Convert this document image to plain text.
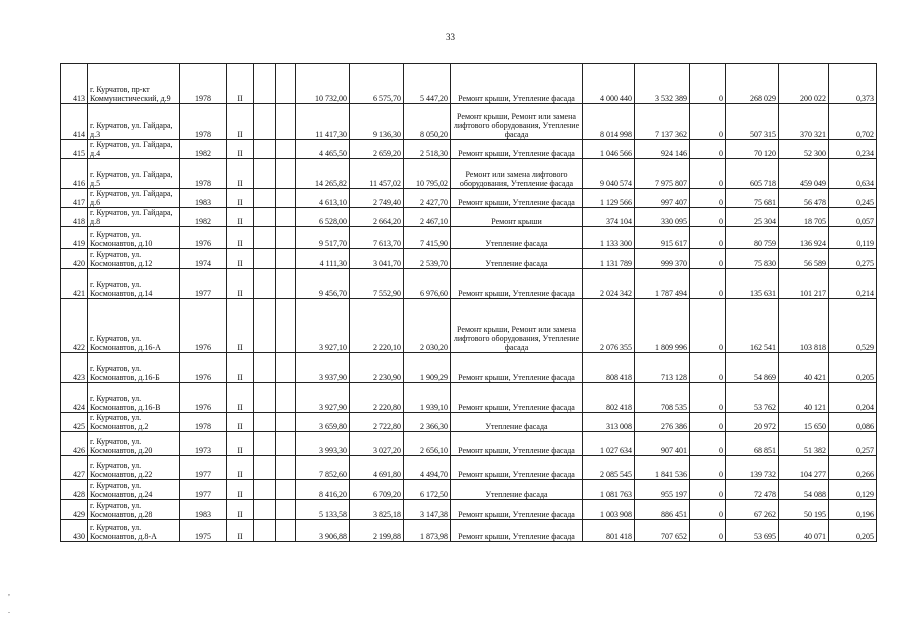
33
,
.
413	г. Курчатов, пр-кт Коммунистический, д.9	1978	II			10 732,00	6 575,70	5 447,20	Ремонт крыши, Утепление фасада	4 000 440	3 532 389	0	268 029	200 022	0,373
414	г. Курчатов, ул. Гайдара, д.3	1978	II			11 417,30	9 136,30	8 050,20	Ремонт крыши, Ремонт или замена лифтового оборудования, Утепление фасада	8 014 998	7 137 362	0	507 315	370 321	0,702
415	г. Курчатов, ул. Гайдара, д.4	1982	II			4 465,50	2 659,20	2 518,30	Ремонт крыши, Утепление фасада	1 046 566	924 146	0	70 120	52 300	0,234
416	г. Курчатов, ул. Гайдара, д.5	1978	II			14 265,82	11 457,02	10 795,02	Ремонт или замена лифтового оборудования, Утепление фасада	9 040 574	7 975 807	0	605 718	459 049	0,634
417	г. Курчатов, ул. Гайдара, д.6	1983	II			4 613,10	2 749,40	2 427,70	Ремонт крыши, Утепление фасада	1 129 566	997 407	0	75 681	56 478	0,245
418	г. Курчатов, ул. Гайдара, д.8	1982	II			6 528,00	2 664,20	2 467,10	Ремонт крыши	374 104	330 095	0	25 304	18 705	0,057
419	г. Курчатов, ул. Космонавтов, д.10	1976	II			9 517,70	7 613,70	7 415,90	Утепление фасада	1 133 300	915 617	0	80 759	136 924	0,119
420	г. Курчатов, ул. Космонавтов, д.12	1974	II			4 111,30	3 041,70	2 539,70	Утепление фасада	1 131 789	999 370	0	75 830	56 589	0,275
421	г. Курчатов, ул. Космонавтов, д.14	1977	II			9 456,70	7 552,90	6 976,60	Ремонт крыши, Утепление фасада	2 024 342	1 787 494	0	135 631	101 217	0,214
422	г. Курчатов, ул. Космонавтов, д.16-А	1976	II			3 927,10	2 220,10	2 030,20	Ремонт крыши, Ремонт или замена лифтового оборудования, Утепление фасада	2 076 355	1 809 996	0	162 541	103 818	0,529
423	г. Курчатов, ул. Космонавтов, д.16-Б	1976	II			3 937,90	2 230,90	1 909,29	Ремонт крыши, Утепление фасада	808 418	713 128	0	54 869	40 421	0,205
424	г. Курчатов, ул. Космонавтов, д.16-В	1976	II			3 927,90	2 220,80	1 939,10	Ремонт крыши, Утепление фасада	802 418	708 535	0	53 762	40 121	0,204
425	г. Курчатов, ул. Космонавтов, д.2	1978	II			3 659,80	2 722,80	2 366,30	Утепление фасада	313 008	276 386	0	20 972	15 650	0,086
426	г. Курчатов, ул. Космонавтов, д.20	1973	II			3 993,30	3 027,20	2 656,10	Ремонт крыши, Утепление фасада	1 027 634	907 401	0	68 851	51 382	0,257
427	г. Курчатов, ул. Космонавтов, д.22	1977	II			7 852,60	4 691,80	4 494,70	Ремонт крыши, Утепление фасада	2 085 545	1 841 536	0	139 732	104 277	0,266
428	г. Курчатов, ул. Космонавтов, д.24	1977	II			8 416,20	6 709,20	6 172,50	Утепление фасада	1 081 763	955 197	0	72 478	54 088	0,129
429	г. Курчатов, ул. Космонавтов, д.28	1983	II			5 133,58	3 825,18	3 147,38	Ремонт крыши, Утепление фасада	1 003 908	886 451	0	67 262	50 195	0,196
430	г. Курчатов, ул. Космонавтов, д.8-А	1975	II			3 906,88	2 199,88	1 873,98	Ремонт крыши, Утепление фасада	801 418	707 652	0	53 695	40 071	0,205
